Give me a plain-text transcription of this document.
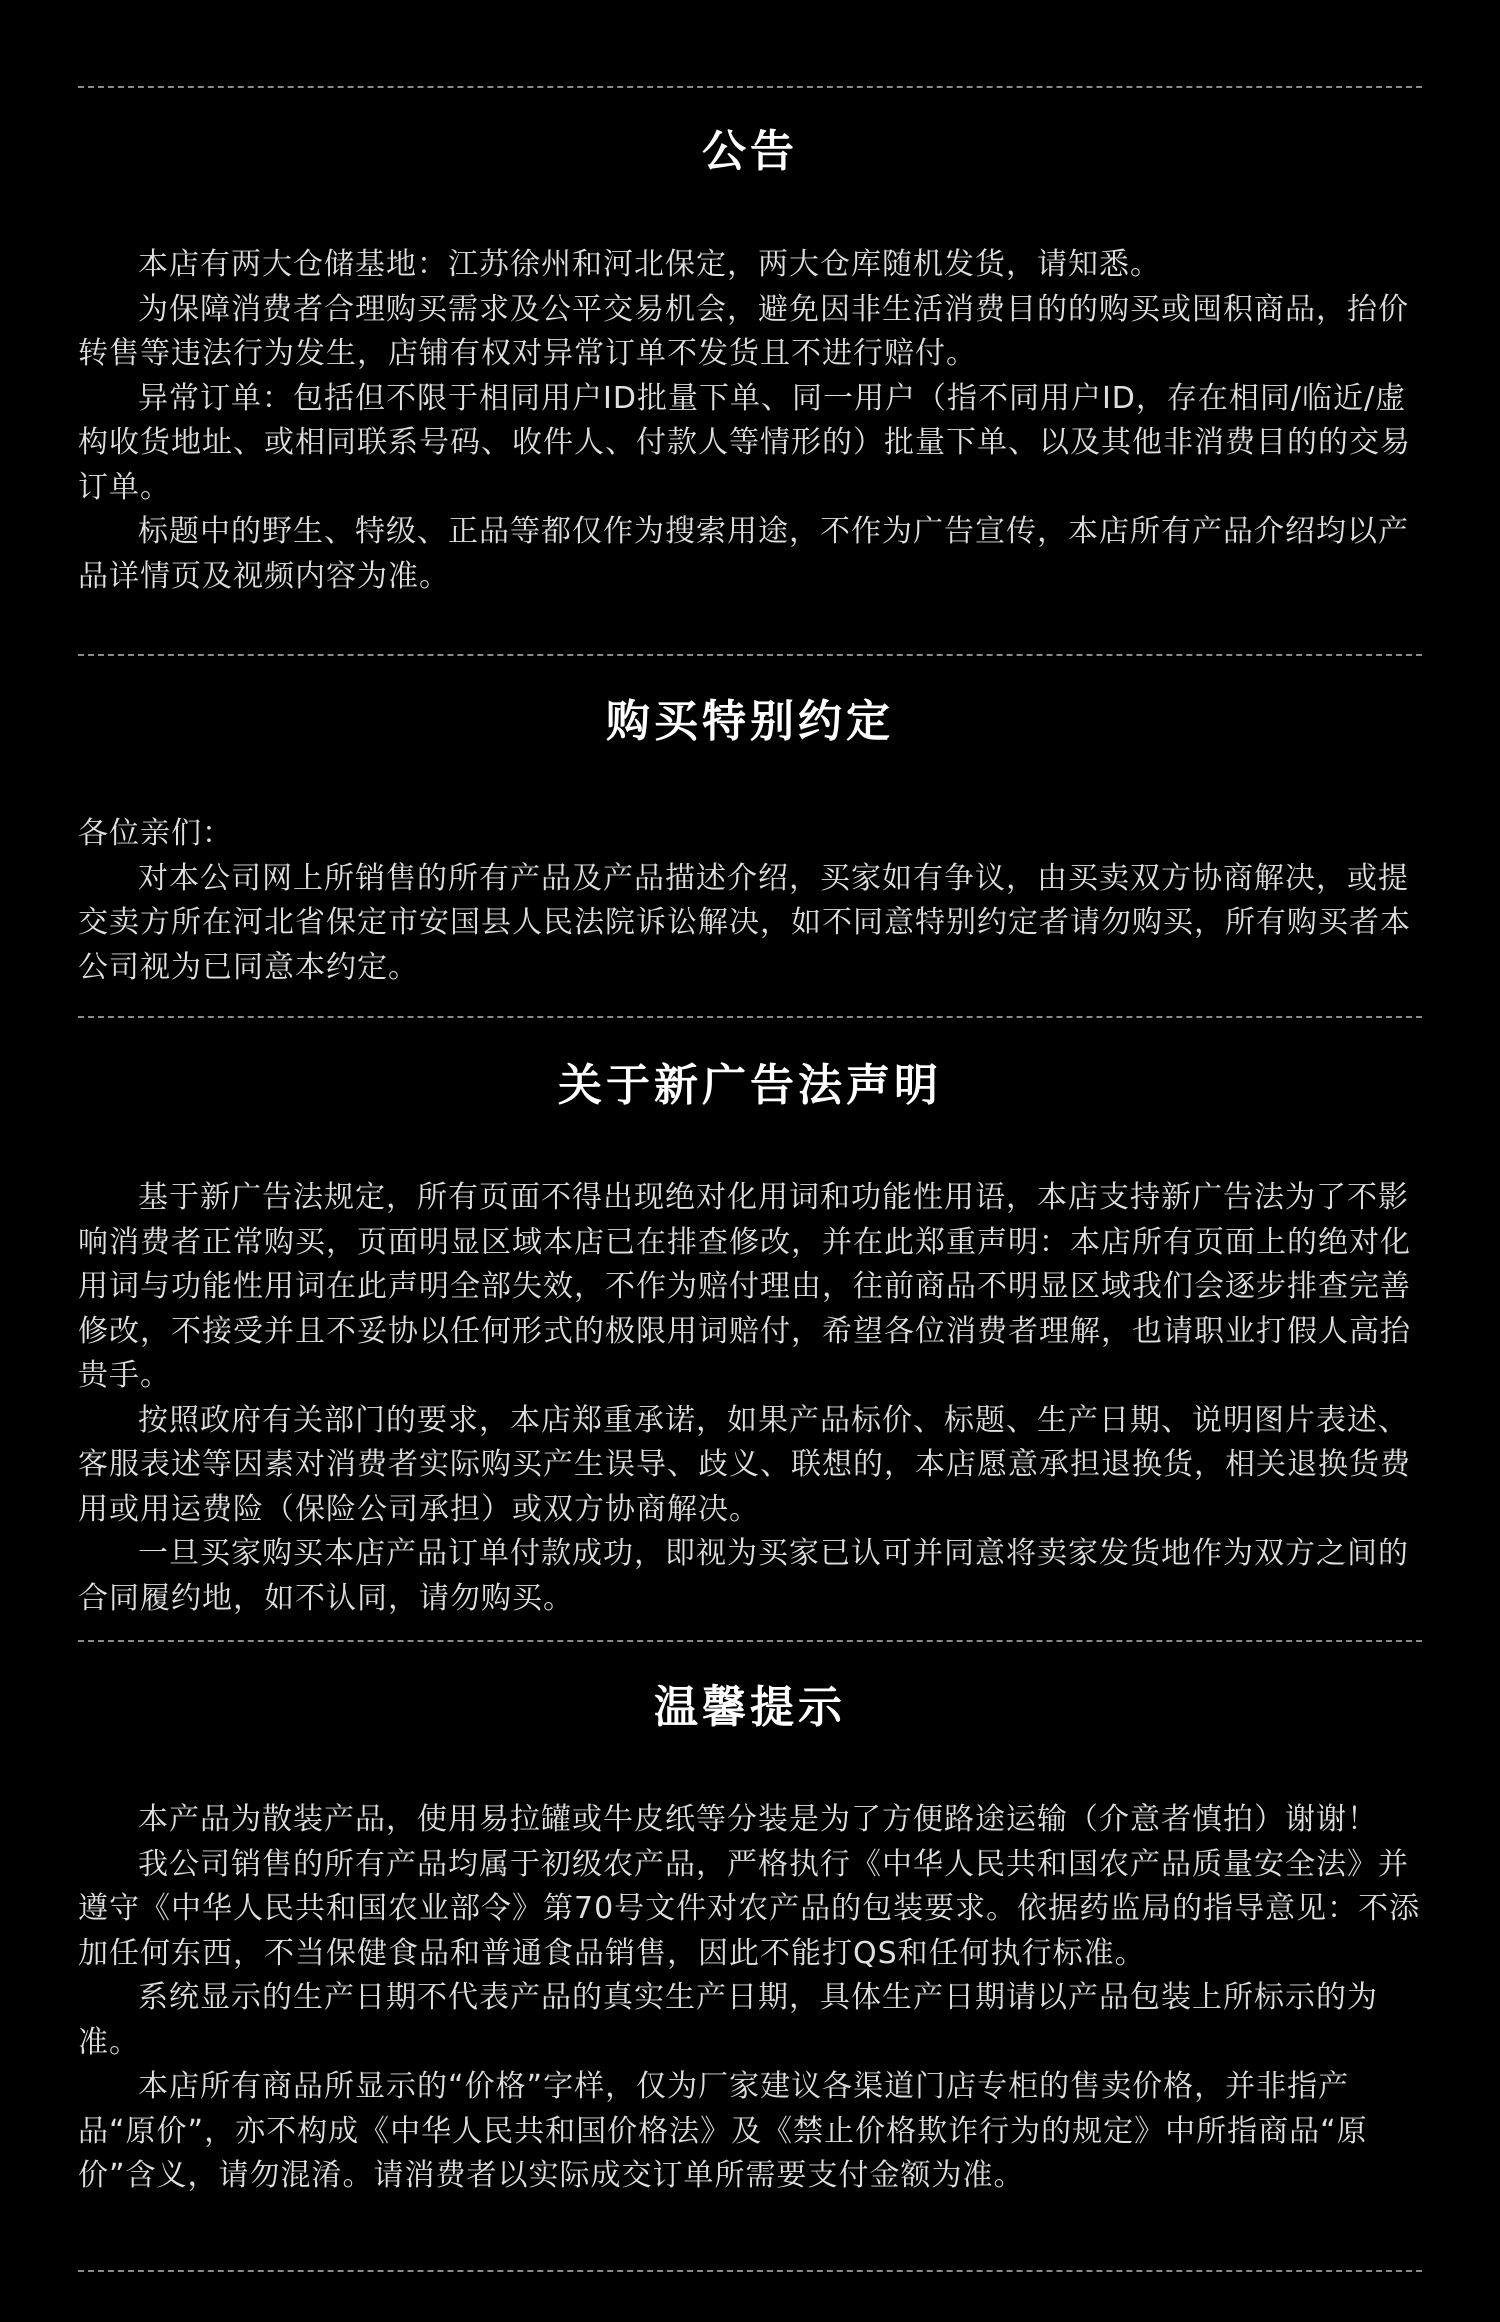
公告

本店有两大仓储基地：江苏徐州和河北保定，两大仓库随机发货，请知悉。

为保障消费者合理购买需求及公平交易机会，避免因非生活消费目的的购买或囤积商品，抬价转售等违法行为发生，店铺有权对异常订单不发货且不进行赔付。

异常订单：包括但不限于相同用户ID批量下单、同一用户（指不同用户ID，存在相同/临近/虚构收货地址、或相同联系号码、收件人、付款人等情形的）批量下单、以及其他非消费目的的交易订单。

标题中的野生、特级、正品等都仅作为搜索用途，不作为广告宣传，本店所有产品介绍均以产品详情页及视频内容为准。

购买特别约定

各位亲们：

对本公司网上所销售的所有产品及产品描述介绍，买家如有争议，由买卖双方协商解决，或提交卖方所在河北省保定市安国县人民法院诉讼解决，如不同意特别约定者请勿购买，所有购买者本公司视为已同意本约定。

关于新广告法声明

基于新广告法规定，所有页面不得出现绝对化用词和功能性用语，本店支持新广告法为了不影响消费者正常购买，页面明显区域本店已在排查修改，并在此郑重声明：本店所有页面上的绝对化用词与功能性用词在此声明全部失效，不作为赔付理由，往前商品不明显区域我们会逐步排查完善修改，不接受并且不妥协以任何形式的极限用词赔付，希望各位消费者理解，也请职业打假人高抬贵手。

按照政府有关部门的要求，本店郑重承诺，如果产品标价、标题、生产日期、说明图片表述、客服表述等因素对消费者实际购买产生误导、歧义、联想的，本店愿意承担退换货，相关退换货费用或用运费险（保险公司承担）或双方协商解决。

一旦买家购买本店产品订单付款成功，即视为买家已认可并同意将卖家发货地作为双方之间的合同履约地，如不认同，请勿购买。

温馨提示

本产品为散装产品，使用易拉罐或牛皮纸等分装是为了方便路途运输（介意者慎拍）谢谢！

我公司销售的所有产品均属于初级农产品，严格执行《中华人民共和国农产品质量安全法》并遵守《中华人民共和国农业部令》第70号文件对农产品的包装要求。依据药监局的指导意见：不添加任何东西，不当保健食品和普通食品销售，因此不能打QS和任何执行标准。

系统显示的生产日期不代表产品的真实生产日期，具体生产日期请以产品包装上所标示的为准。

本店所有商品所显示的“价格”字样，仅为厂家建议各渠道门店专柜的售卖价格，并非指产品“原价”，亦不构成《中华人民共和国价格法》及《禁止价格欺诈行为的规定》中所指商品“原价”含义，请勿混淆。请消费者以实际成交订单所需要支付金额为准。
